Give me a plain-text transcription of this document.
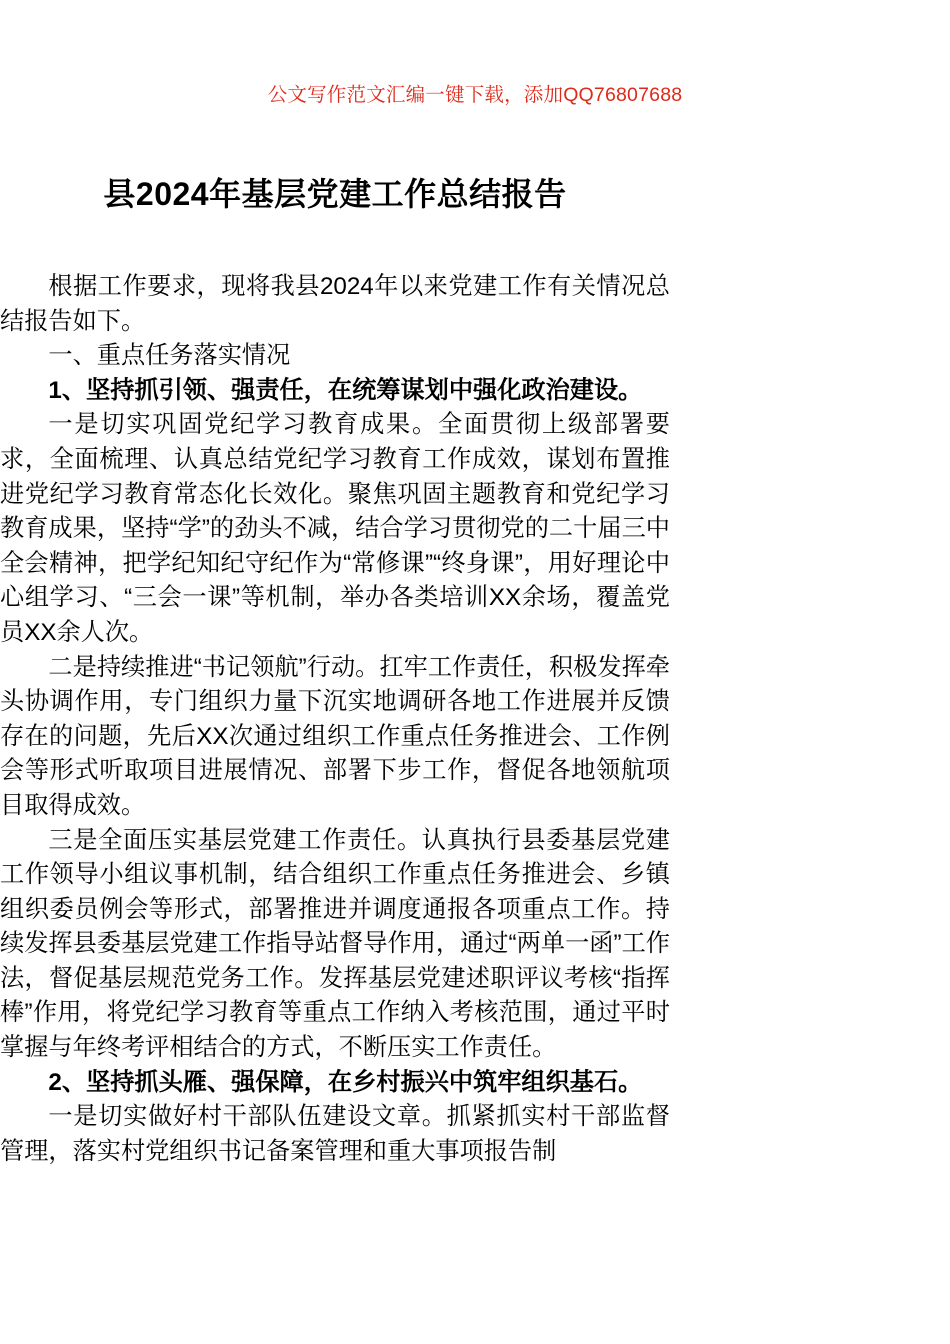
公文写作范文汇编一键下载，添加QQ76807688
县2024年基层党建工作总结报告

根据工作要求，现将我县2024年以来党建工作有关情况总结报告如下。

一、重点任务落实情况

1、坚持抓引领、强责任，在统筹谋划中强化政治建设。

一是切实巩固党纪学习教育成果。全面贯彻上级部署要求，全面梳理、认真总结党纪学习教育工作成效，谋划布置推进党纪学习教育常态化长效化。聚焦巩固主题教育和党纪学习教育成果，坚持“学”的劲头不减，结合学习贯彻党的二十届三中全会精神，把学纪知纪守纪作为“常修课”“终身课”，用好理论中心组学习、“三会一课”等机制，举办各类培训XX余场，覆盖党员XX余人次。

二是持续推进“书记领航”行动。扛牢工作责任，积极发挥牵头协调作用，专门组织力量下沉实地调研各地工作进展并反馈存在的问题，先后XX次通过组织工作重点任务推进会、工作例会等形式听取项目进展情况、部署下步工作，督促各地领航项目取得成效。

三是全面压实基层党建工作责任。认真执行县委基层党建工作领导小组议事机制，结合组织工作重点任务推进会、乡镇组织委员例会等形式，部署推进并调度通报各项重点工作。持续发挥县委基层党建工作指导站督导作用，通过“两单一函”工作法，督促基层规范党务工作。发挥基层党建述职评议考核“指挥棒”作用，将党纪学习教育等重点工作纳入考核范围，通过平时掌握与年终考评相结合的方式，不断压实工作责任。

2、坚持抓头雁、强保障，在乡村振兴中筑牢组织基石。

一是切实做好村干部队伍建设文章。抓紧抓实村干部监督管理，落实村党组织书记备案管理和重大事项报告制
